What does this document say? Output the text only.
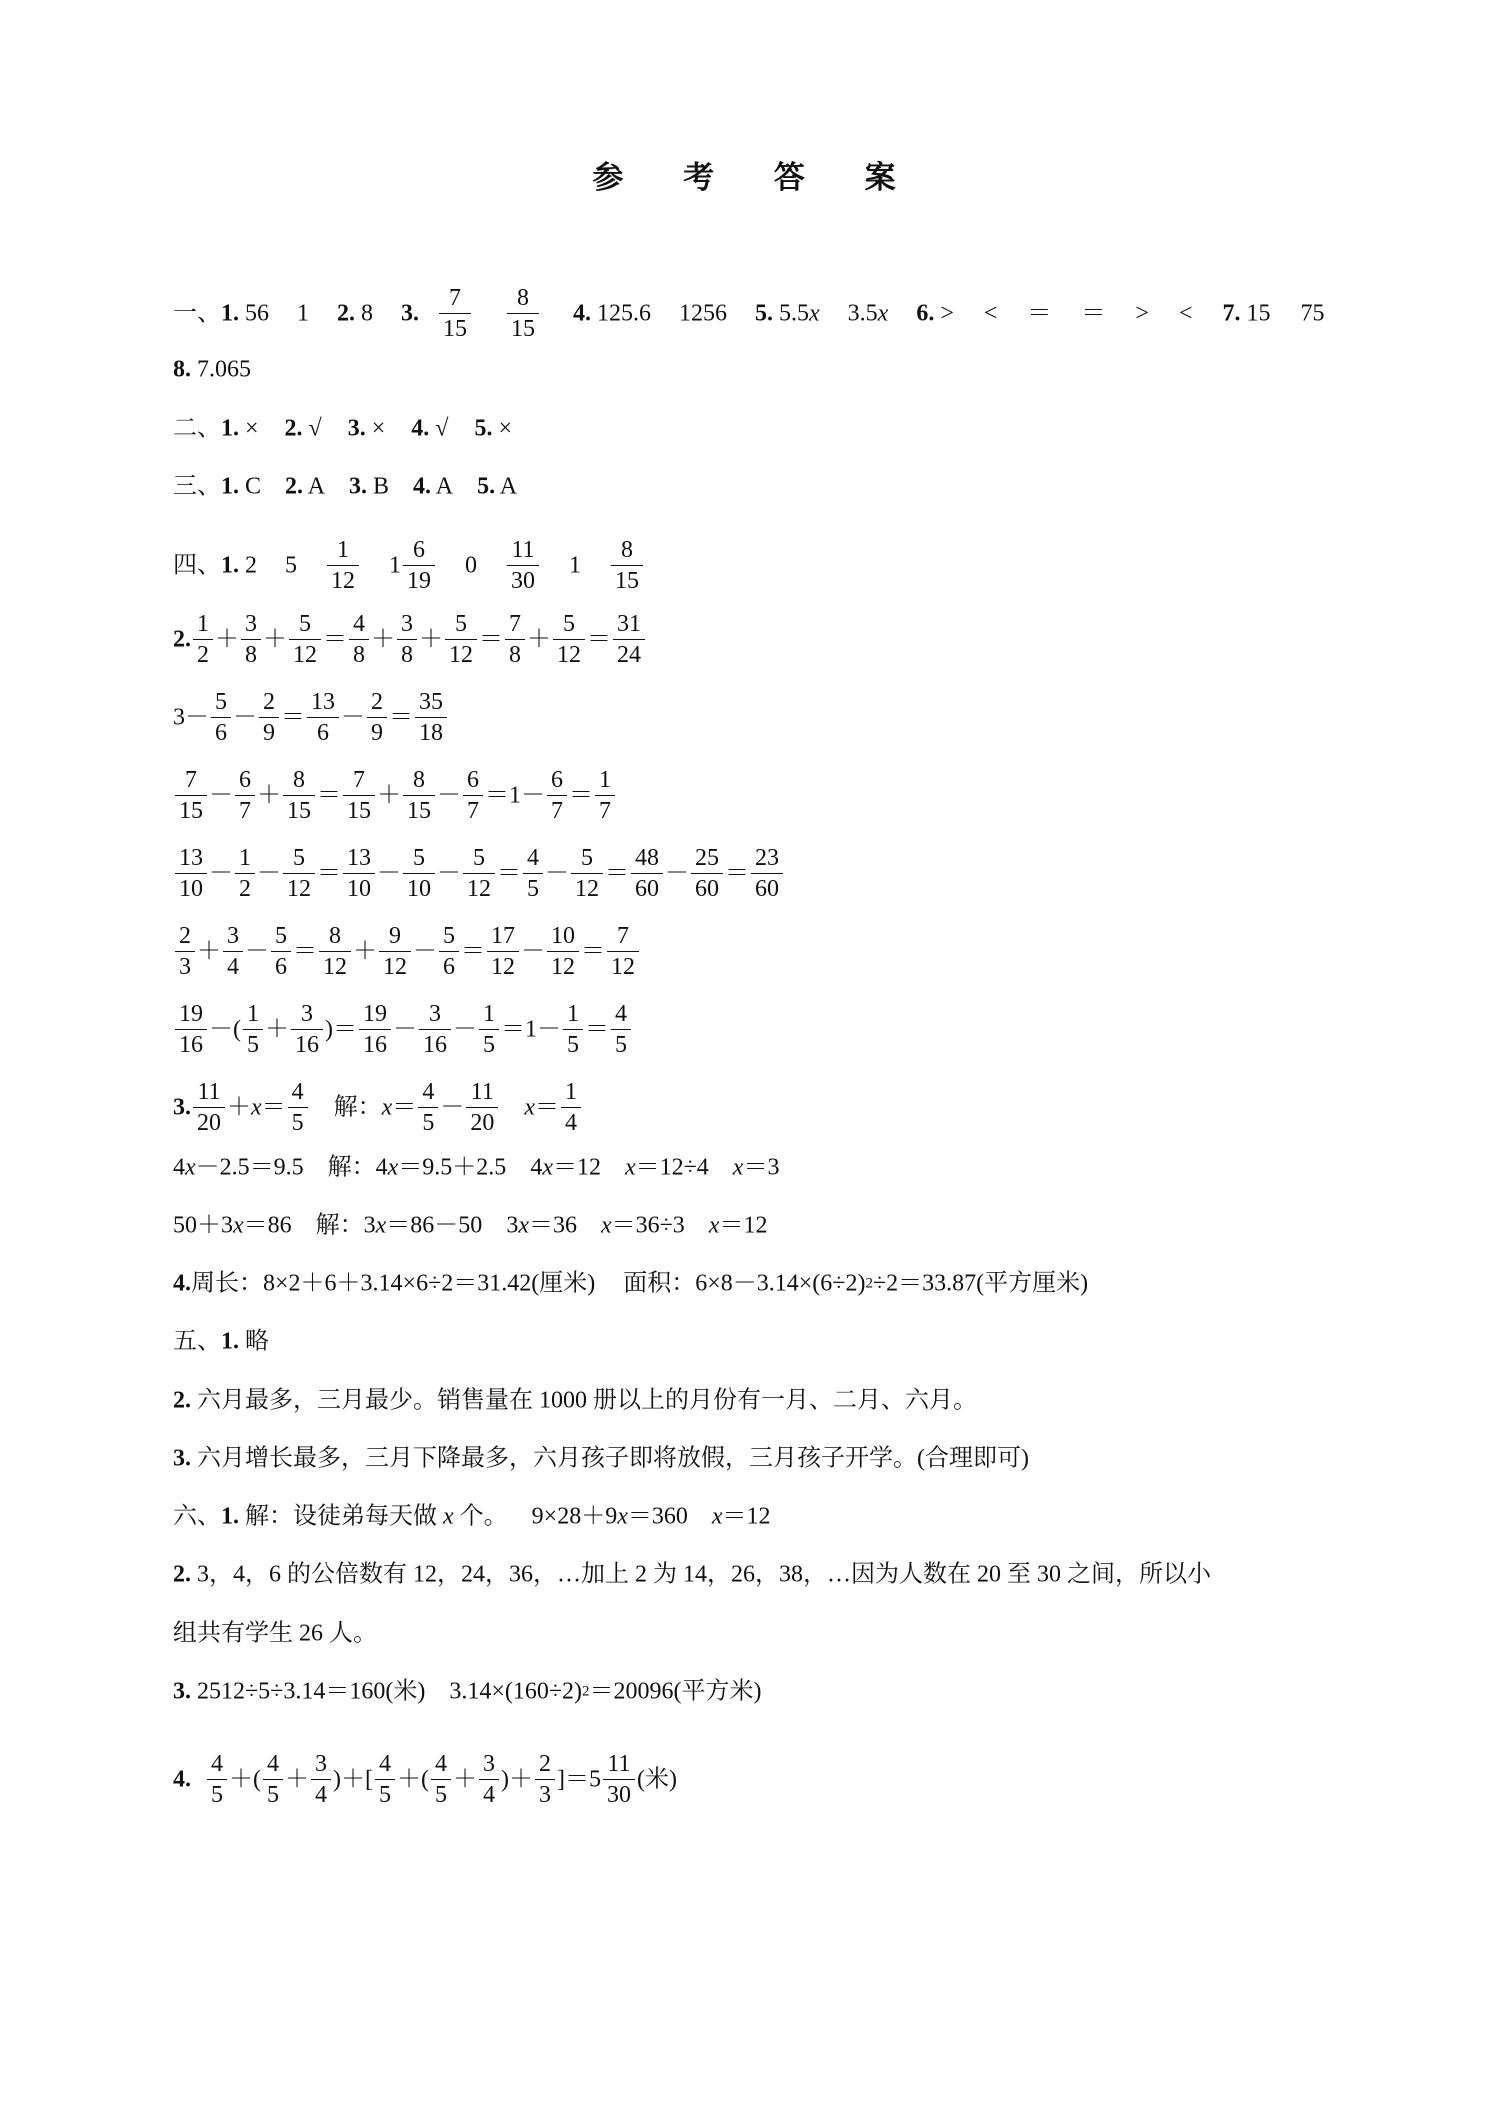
参 考 答 案
一、1. 56 1 2. 8 3. $\frac{7}{15} \frac{8}{15} 4$. 125.6 1256 5. 5.5x 3.5x 6. > < ＝ ＝ > < 7. 15 75
8. 7.065
二、1. × 2. √ 3. × 4. √ 5. ×
三、1. C 2. A 3. B 4. A 5. A
四、1. 2 $5 \frac{1}{12} 1 \frac{6}{19} 0 \frac{11}{30} 1 \frac{8}{15}$
2. $\frac{1}{2} + \frac{3}{8} + \frac{5}{12} = \frac{4}{8} + \frac{3}{8} + \frac{5}{12} = \frac{7}{8} + \frac{5}{12} = \frac{31}{24}$
$3- \frac{5}{6} - \frac{2}{9} = \frac{13}{6} - \frac{2}{9} = \frac{35}{18}$
$\frac{7}{15} - \frac{6}{7} + \frac{8}{15} = \frac{7}{15} + \frac{8}{15} - \frac{6}{7} =1- \frac{6}{7} = \frac{1}{7}$
$\frac{13}{10} - \frac{1}{2} - \frac{5}{12} = \frac{13}{10} - \frac{5}{10} - \frac{5}{12} = \frac{4}{5} - \frac{5}{12} = \frac{48}{60} - \frac{25}{60} = \frac{23}{60}$
$\frac{2}{3} + \frac{3}{4} - \frac{5}{6} = \frac{8}{12} + \frac{9}{12} - \frac{5}{6} = \frac{17}{12} - \frac{10}{12} = \frac{7}{12}$
$\frac{19}{16}$ －( $\frac{1}{5} + \frac{3}{16}$ )＝ $\frac{19}{16} - \frac{3}{16} - \frac{1}{5} =1- \frac{1}{5} = \frac{4}{5}$
3. $\frac{11}{20} +x= \frac{4}{5}$ 解：$x= \frac{4}{5} - \frac{11}{20} x= \frac{1}{4}$
4x－2.5＝9.5 解：4x＝9.5＋2.5 4x＝12 x＝12÷4 x＝3
50＋3x＝86 解：3x＝86－50 3x＝36 x＝36÷3 x＝12
4.周长：8×2＋6＋3.14×6÷2＝31.42(厘米) 面积：6×8－3.14×(6÷2)2÷2＝33.87(平方厘米)
五、1. 略
2. 六月最多，三月最少。销售量在 1000 册以上的月份有一月、二月、六月。
3. 六月增长最多，三月下降最多，六月孩子即将放假，三月孩子开学。(合理即可)
六、1. 解：设徒弟每天做 x 个。 9×28＋9x＝360 x＝12
2. 3，4，6 的公倍数有 12，24，36，…加上 2 为 14，26，38，…因为人数在 20 至 30 之间，所以小
组共有学生 26 人。
3. 2512÷5÷3.14＝160(米) 3.14×(160÷2)2＝20096(平方米)
4. $\frac{4}{5}$ ＋( $\frac{4}{5} + \frac{3}{4}$ )＋[ $\frac{4}{5}$ ＋( $\frac{4}{5} + \frac{3}{4}$ )＋ $\frac{2}{3} ]=5 \frac{11}{30}$ (米)
